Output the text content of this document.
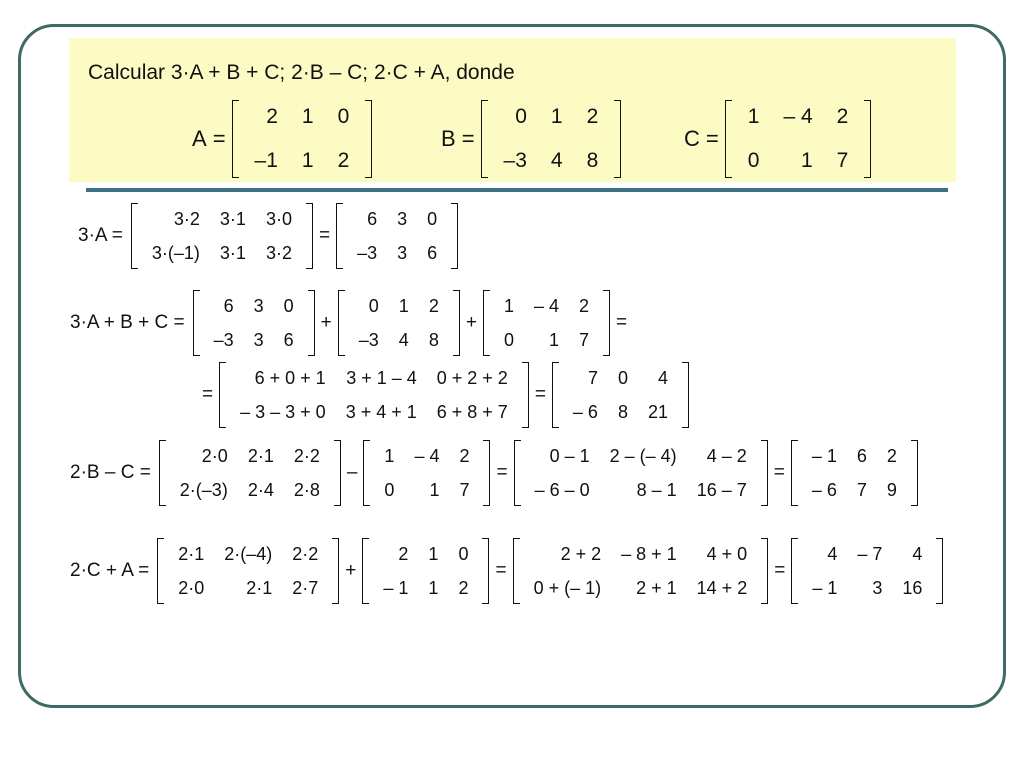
Calcular 3·A + B + C; 2·B – C; 2·C + A, donde
A =
2	1	0
–1	1	2
B =
0	1	2
–3	4	8
C =
1	– 4	2
0	1	7
3·A =
3·2	3·1	3·0
3·(–1)	3·1	3·2
=
6	3	0
–3	3	6
3·A + B + C =
6	3	0
–3	3	6
+
0	1	2
–3	4	8
+
1	– 4	2
0	1	7
=
=
6 + 0 + 1	3 + 1 – 4	0 + 2 + 2
– 3 – 3 + 0	3 + 4 + 1	6 + 8 + 7
=
7	0	4
– 6	8	21
2·B – C =
2·0	2·1	2·2
2·(–3)	2·4	2·8
–
1	– 4	2
0	1	7
=
0 – 1	2 – (– 4)	4 – 2
– 6 – 0	8 – 1	16 – 7
=
– 1	6	2
– 6	7	9
2·C + A =
2·1	2·(–4)	2·2
2·0	2·1	2·7
+
2	1	0
– 1	1	2
=
2 + 2	– 8 + 1	4 + 0
0 + (– 1)	2 + 1	14 + 2
=
4	– 7	4
– 1	3	16
